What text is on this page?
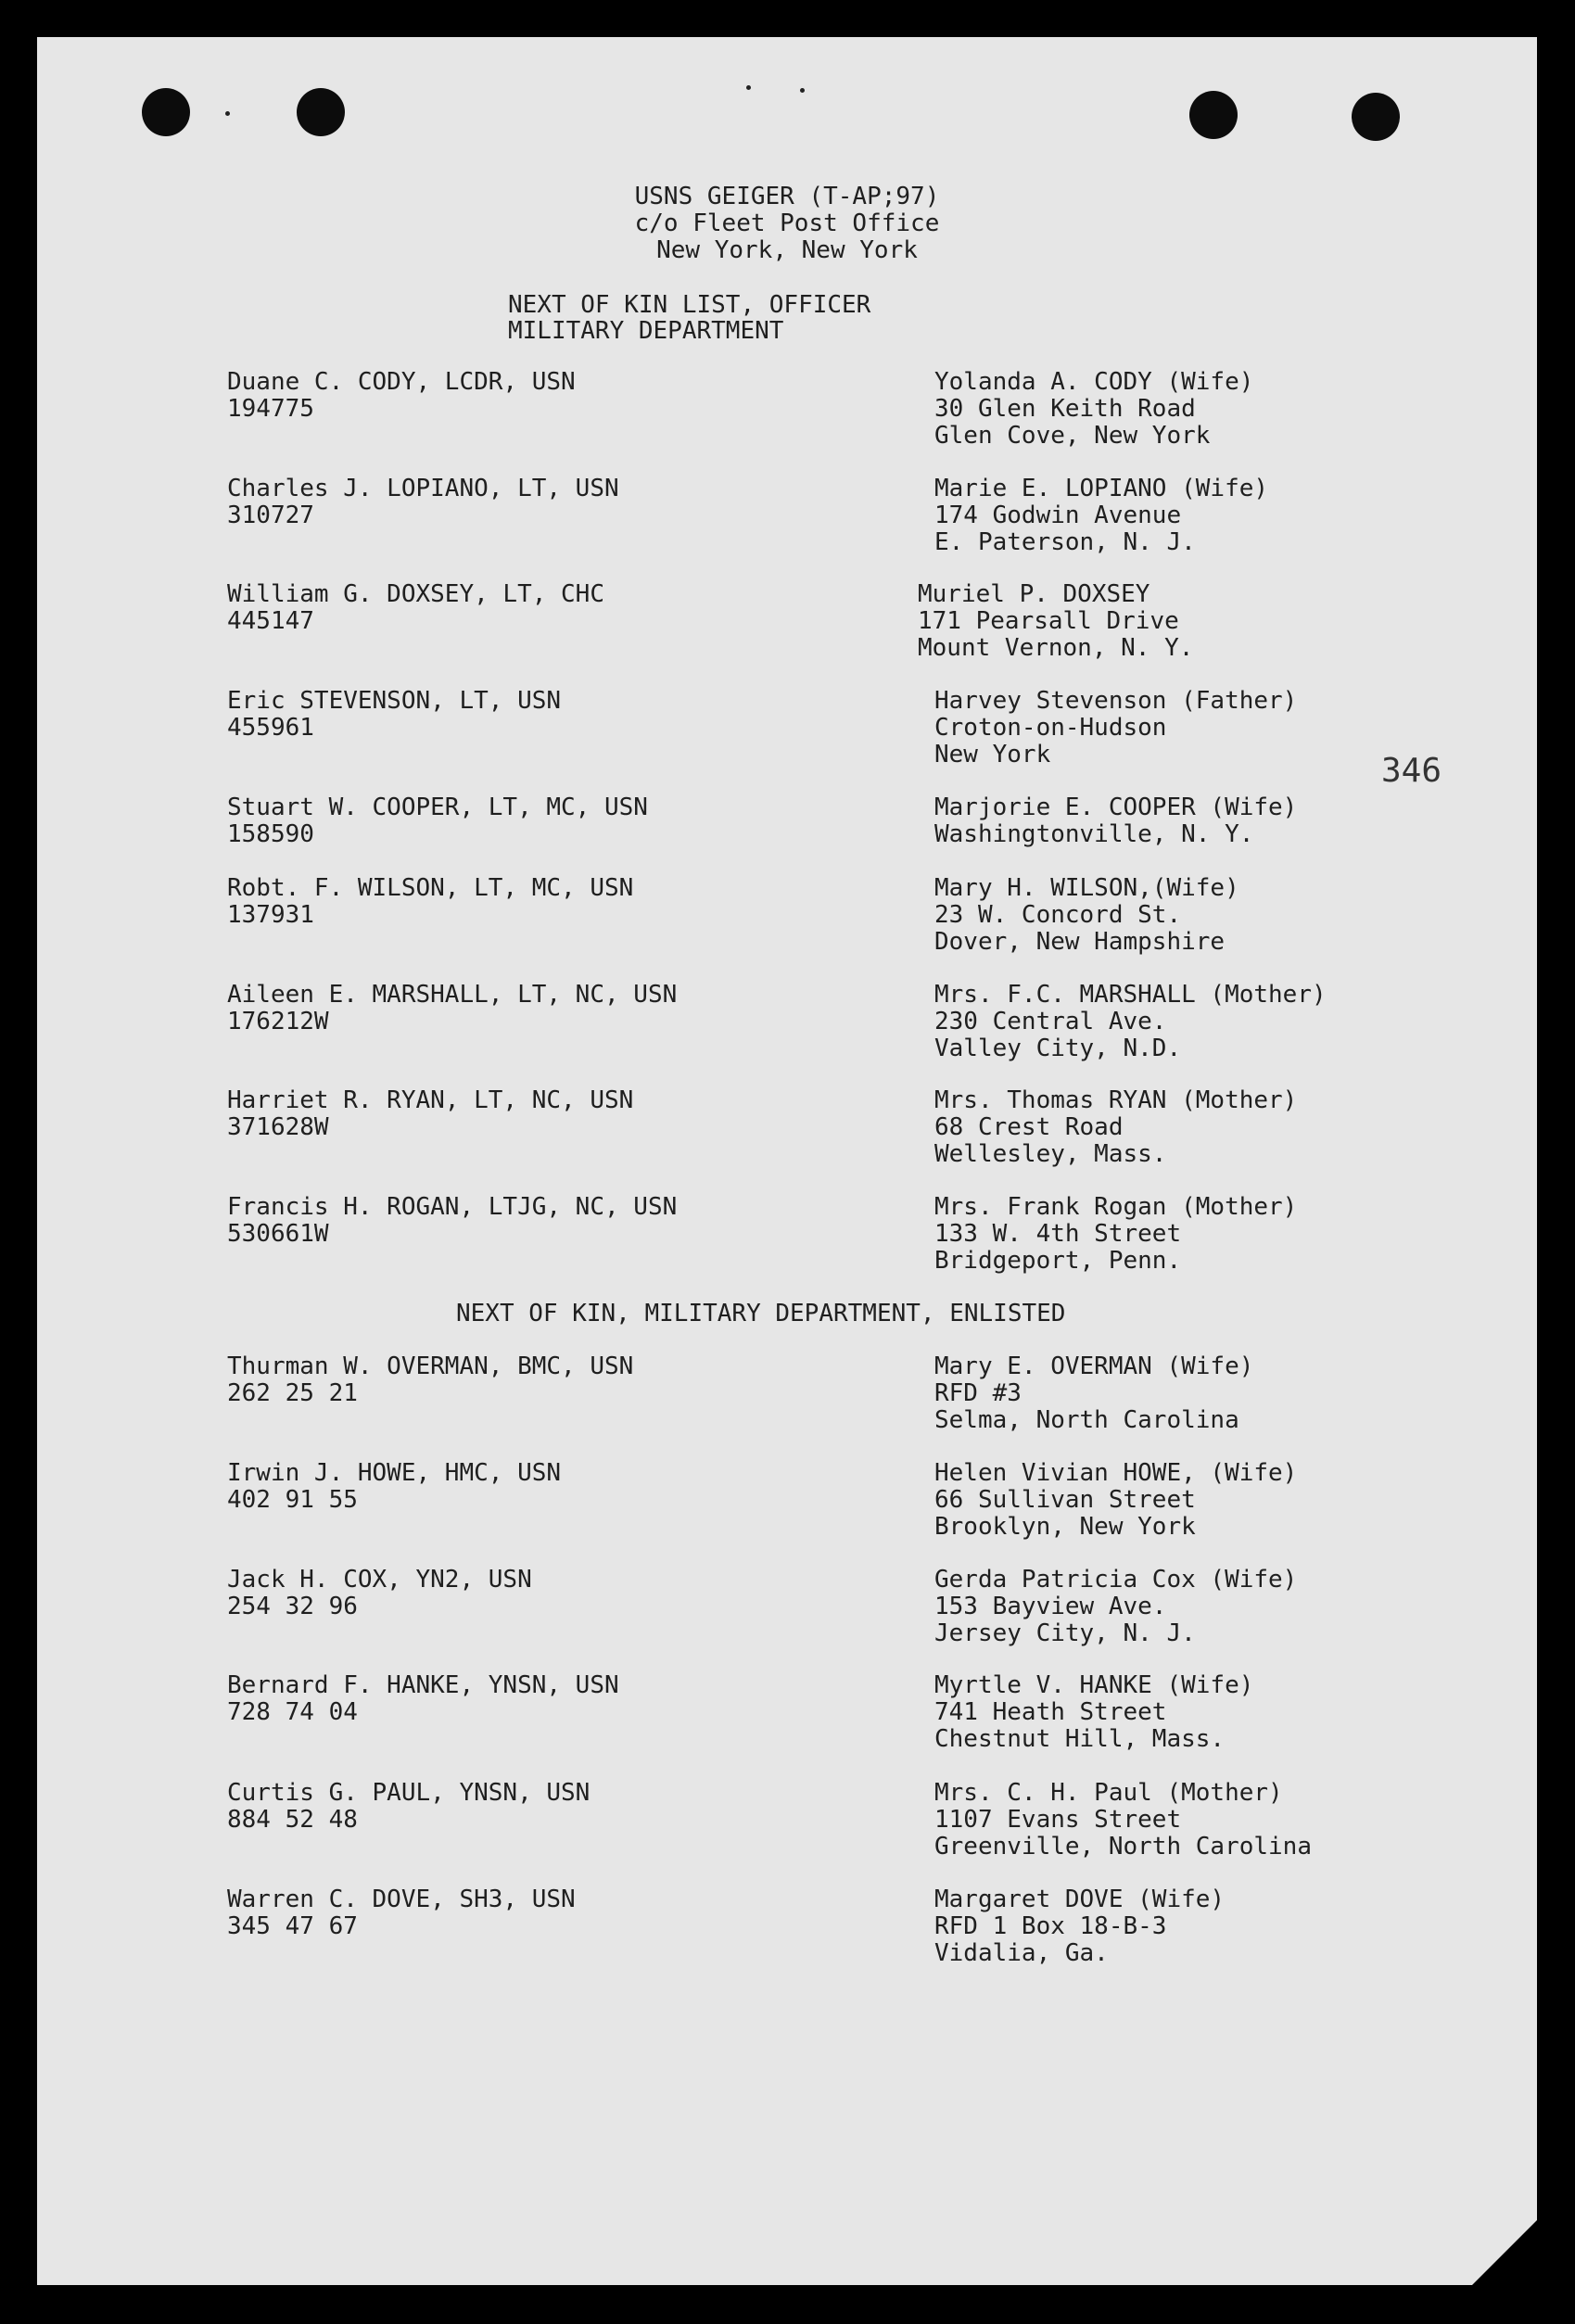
USNS GEIGER (T-AP;97)
c/o Fleet Post Office
New York, New York
NEXT OF KIN LIST, OFFICER
MILITARY DEPARTMENT
Duane C. CODY, LCDR, USN
194775
Yolanda A. CODY (Wife)
30 Glen Keith Road
Glen Cove, New York
Charles J. LOPIANO, LT, USN
310727
Marie E. LOPIANO (Wife)
174 Godwin Avenue
E. Paterson, N. J.
William G. DOXSEY, LT, CHC
445147
Muriel P. DOXSEY
171 Pearsall Drive
Mount Vernon, N. Y.
Eric STEVENSON, LT, USN
455961
Harvey Stevenson (Father)
Croton-on-Hudson
New York
Stuart W. COOPER, LT, MC, USN
158590
Marjorie E. COOPER (Wife)
Washingtonville, N. Y.
Robt. F. WILSON, LT, MC, USN
137931
Mary H. WILSON,(Wife)
23 W. Concord St.
Dover, New Hampshire
Aileen E. MARSHALL, LT, NC, USN
176212W
Mrs. F.C. MARSHALL (Mother)
230 Central Ave.
Valley City, N.D.
Harriet R. RYAN, LT, NC, USN
371628W
Mrs. Thomas RYAN (Mother)
68 Crest Road
Wellesley, Mass.
Francis H. ROGAN, LTJG, NC, USN
530661W
Mrs. Frank Rogan (Mother)
133 W. 4th Street
Bridgeport, Penn.
346
NEXT OF KIN, MILITARY DEPARTMENT, ENLISTED
Thurman W. OVERMAN, BMC, USN
262 25 21
Mary E. OVERMAN (Wife)
RFD #3
Selma, North Carolina
Irwin J. HOWE, HMC, USN
402 91 55
Helen Vivian HOWE, (Wife)
66 Sullivan Street
Brooklyn, New York
Jack H. COX, YN2, USN
254 32 96
Gerda Patricia Cox (Wife)
153 Bayview Ave.
Jersey City, N. J.
Bernard F. HANKE, YNSN, USN
728 74 04
Myrtle V. HANKE (Wife)
741 Heath Street
Chestnut Hill, Mass.
Curtis G. PAUL, YNSN, USN
884 52 48
Mrs. C. H. Paul (Mother)
1107 Evans Street
Greenville, North Carolina
Warren C. DOVE, SH3, USN
345 47 67
Margaret DOVE (Wife)
RFD 1 Box 18-B-3
Vidalia, Ga.
